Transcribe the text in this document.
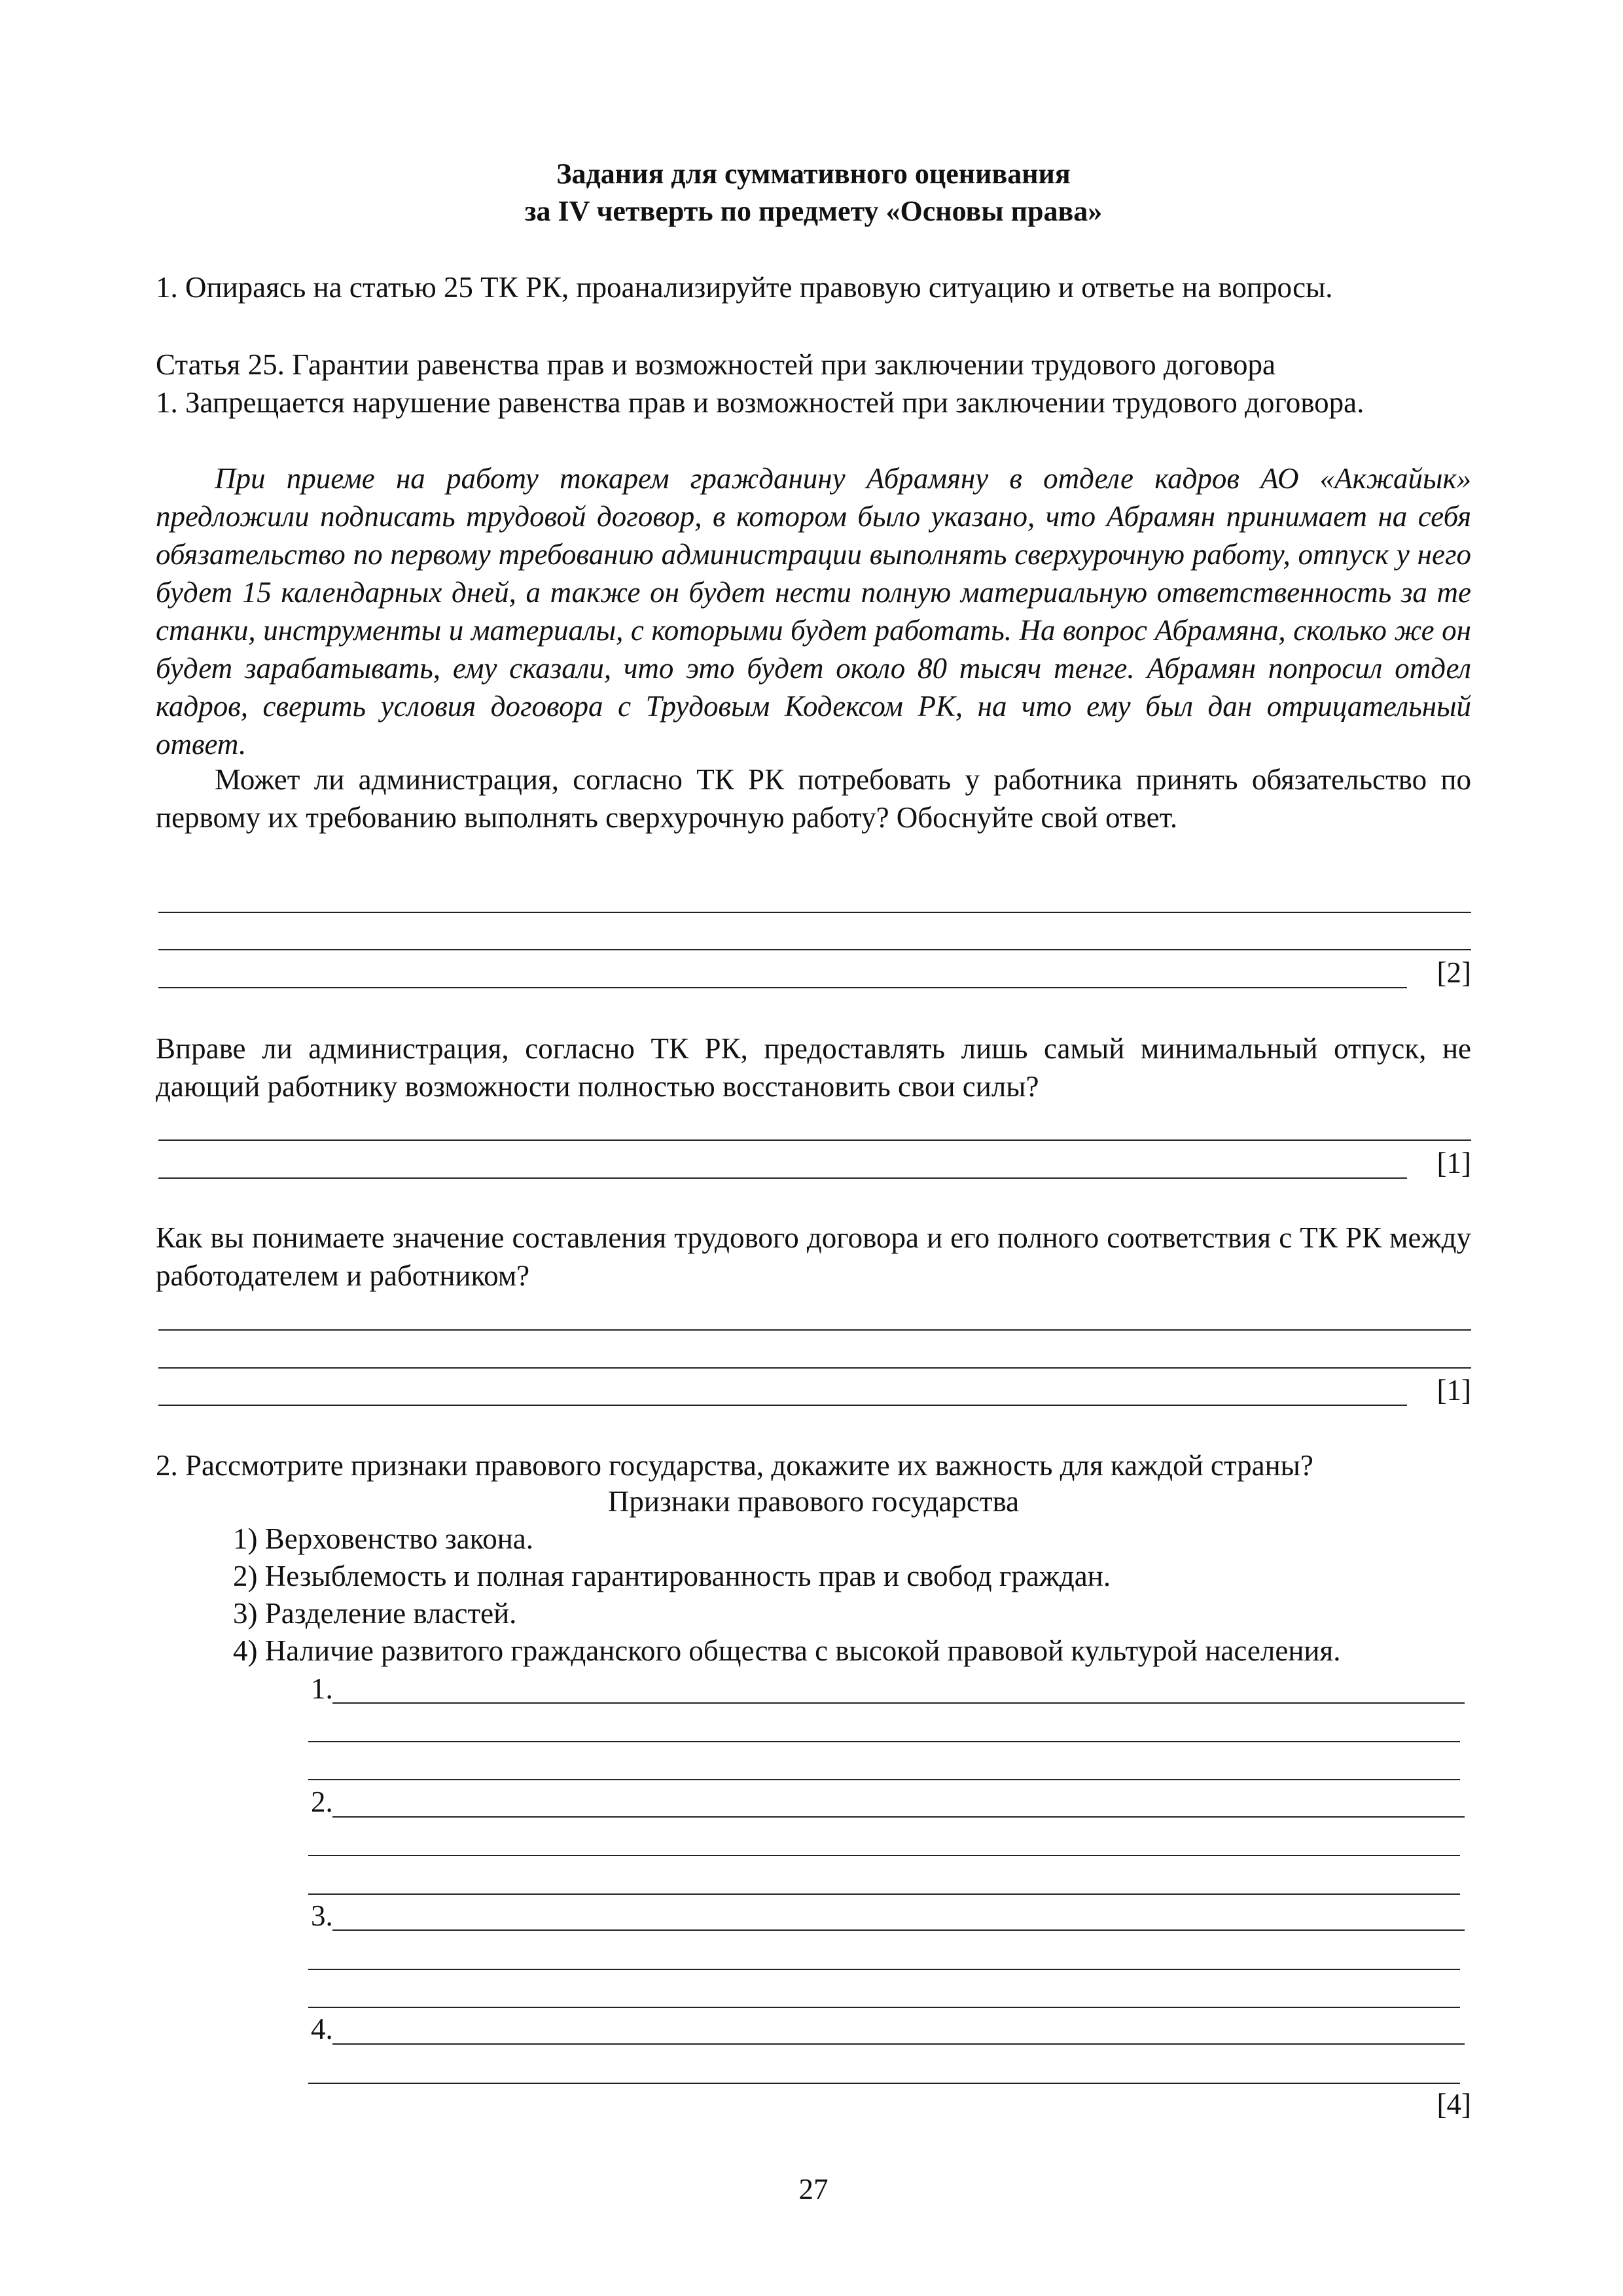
Задания для суммативного оценивания
за IV четверть по предмету «Основы права»
1. Опираясь на статью 25 ТК РК, проанализируйте правовую ситуацию и ответье на вопросы.
Статья 25. Гарантии равенства прав и возможностей при заключении трудового договора
1. Запрещается нарушение равенства прав и возможностей при заключении трудового договора.
При приеме на работу токарем гражданину Абрамяну в отделе кадров АО «Акжайык» предложили подписать трудовой договор, в котором было указано, что Абрамян принимает на себя обязательство по первому требованию администрации выполнять сверхурочную работу, отпуск у него будет 15 календарных дней, а также он будет нести полную материальную ответственность за те станки, инструменты и материалы, с которыми будет работать. На вопрос Абрамяна, сколько же он будет зарабатывать, ему сказали, что это будет около 80 тысяч тенге. Абрамян попросил отдел кадров, сверить условия договора с Трудовым Кодексом РК, на что ему был дан отрицательный ответ.
Может ли администрация, согласно ТК РК потребовать у работника принять обязательство по первому их требованию выполнять сверхурочную работу? Обоснуйте свой ответ.
[2]
Вправе ли администрация, согласно ТК РК, предоставлять лишь самый минимальный отпуск, не дающий работнику возможности полностью восстановить свои силы?
[1]
Как вы понимаете значение составления трудового договора и его полного соответствия с ТК РК между работодателем и работником?
[1]
2. Рассмотрите признаки правового государства, докажите их важность для каждой страны?
Признаки правового государства
1) Верховенство закона.
2) Незыблемость и полная гарантированность прав и свобод граждан.
3) Разделение властей.
4) Наличие развитого гражданского общества с высокой правовой культурой населения.
1.
2.
3.
4.
[4]
27
